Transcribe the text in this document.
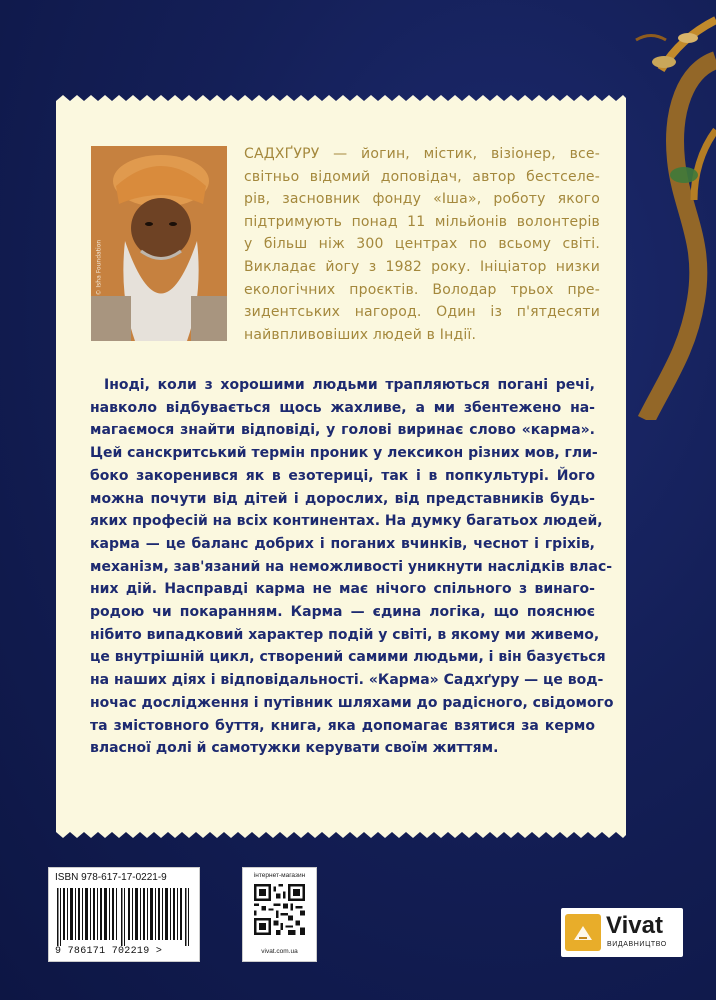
© Isha Foundation
САДХҐУРУ — йогин, містик, візіонер, все-
світньо відомий доповідач, автор бестселе-
рів, засновник фонду «Іша», роботу якого
підтримують понад 11 мільйонів волонтерів
у більш ніж 300 центрах по всьому світі.
Викладає йогу з 1982 року. Ініціатор низки
екологічних проєктів. Володар трьох пре-
зидентських нагород. Один із п'ятдесяти
найвпливовіших людей в Індії.
Іноді, коли з хорошими людьми трапляються погані речі,
навколо відбувається щось жахливе, а ми збентежено на-
магаємося знайти відповіді, у голові виринає слово «карма».
Цей санскритський термін проник у лексикон різних мов, гли-
боко закоренився як в езотериці, так і в попкультурі. Його
можна почути від дітей і дорослих, від представників будь-
яких професій на всіх континентах. На думку багатьох людей,
карма — це баланс добрих і поганих вчинків, чеснот і гріхів,
механізм, зав'язаний на неможливості уникнути наслідків влас-
них дій. Насправді карма не має нічого спільного з винаго-
родою чи покаранням. Карма — єдина логіка, що пояснює
нібито випадковий характер подій у світі, в якому ми живемо,
це внутрішній цикл, створений самими людьми, і він базується
на наших діях і відповідальності. «Карма» Садхґуру — це вод-
ночас дослідження і путівник шляхами до радісного, свідомого
та змістовного буття, книга, яка допомагає взятися за кермо
власної долі й самотужки керувати своїм життям.
ISBN 978-617-17-0221-9
9 786171 702219 >
інтернет-магазин
vivat.com.ua
Vivat
ВИДАВНИЦТВО
